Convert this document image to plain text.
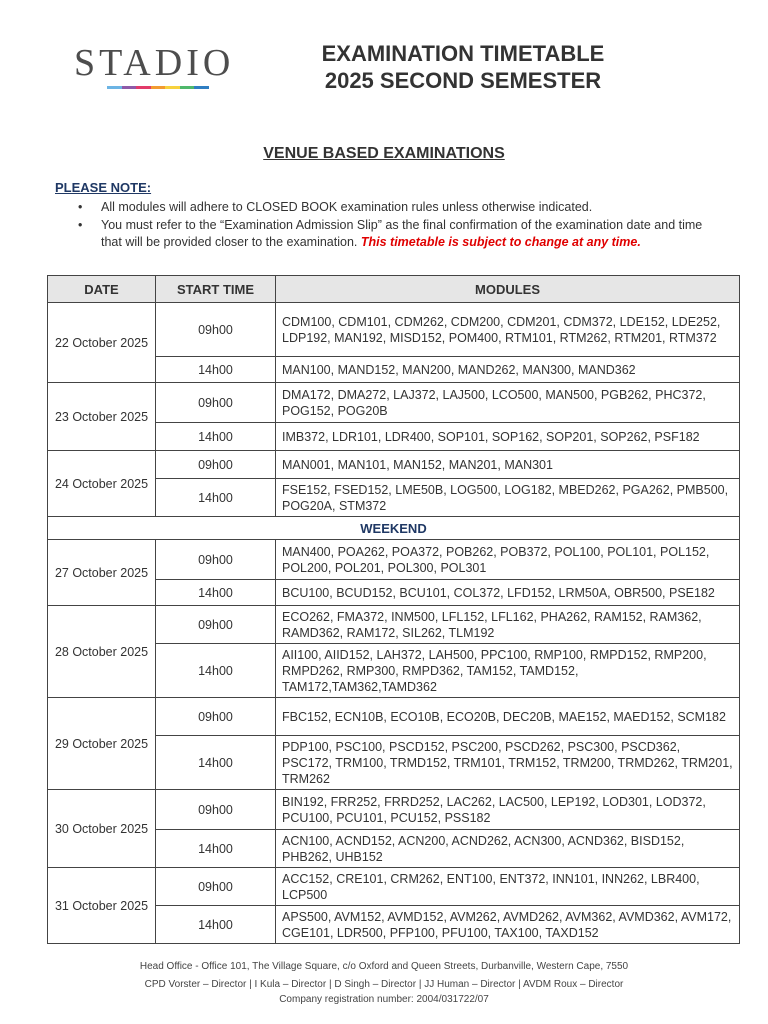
STADIO	EXAMINATION TIMETABLE
2025 SECOND SEMESTER
VENUE BASED EXAMINATIONS
PLEASE NOTE:
• All modules will adhere to CLOSED BOOK examination rules unless otherwise indicated.
• You must refer to the “Examination Admission Slip” as the final confirmation of the examination date and time that will be provided closer to the examination. This timetable is subject to change at any time.
DATE	START TIME	MODULES
22 October 2025	09h00	CDM100, CDM101, CDM262, CDM200, CDM201, CDM372, LDE152, LDE252, LDP192, MAN192, MISD152, POM400, RTM101, RTM262, RTM201, RTM372
	14h00	MAN100, MAND152, MAN200, MAND262, MAN300, MAND362
23 October 2025	09h00	DMA172, DMA272, LAJ372, LAJ500, LCO500, MAN500, PGB262, PHC372, POG152, POG20B
	14h00	IMB372, LDR101, LDR400, SOP101, SOP162, SOP201, SOP262, PSF182
24 October 2025	09h00	MAN001, MAN101, MAN152, MAN201, MAN301
	14h00	FSE152, FSED152, LME50B, LOG500, LOG182, MBED262, PGA262, PMB500, POG20A, STM372
WEEKEND		
27 October 2025	09h00	MAN400, POA262, POA372, POB262, POB372, POL100, POL101, POL152, POL200, POL201, POL300, POL301
	14h00	BCU100, BCUD152, BCU101, COL372, LFD152, LRM50A, OBR500, PSE182
28 October 2025	09h00	ECO262, FMA372, INM500, LFL152, LFL162, PHA262, RAM152, RAM362, RAMD362, RAM172, SIL262, TLM192
	14h00	AII100, AIID152, LAH372, LAH500, PPC100, RMP100, RMPD152, RMP200, RMPD262, RMP300, RMPD362, TAM152, TAMD152, TAM172,TAM362,TAMD362
29 October 2025	09h00	FBC152, ECN10B, ECO10B, ECO20B, DEC20B, MAE152, MAED152, SCM182
	14h00	PDP100, PSC100, PSCD152, PSC200, PSCD262, PSC300, PSCD362, PSC172, TRM100, TRMD152, TRM101, TRM152, TRM200, TRMD262, TRM201, TRM262
30 October 2025	09h00	BIN192, FRR252, FRRD252, LAC262, LAC500, LEP192, LOD301, LOD372, PCU100, PCU101, PCU152, PSS182
	14h00	ACN100, ACND152, ACN200, ACND262, ACN300, ACND362, BISD152, PHB262, UHB152
31 October 2025	09h00	ACC152, CRE101, CRM262, ENT100, ENT372, INN101, INN262, LBR400, LCP500
	14h00	APS500, AVM152, AVMD152, AVM262, AVMD262, AVM362, AVMD362, AVM172, CGE101, LDR500, PFP100, PFU100, TAX100, TAXD152
Head Office - Office 101, The Village Square, c/o Oxford and Queen Streets, Durbanville, Western Cape, 7550
CPD Vorster – Director | I Kula – Director | D Singh – Director | JJ Human – Director | AVDM Roux – Director
Company registration number: 2004/031722/07
